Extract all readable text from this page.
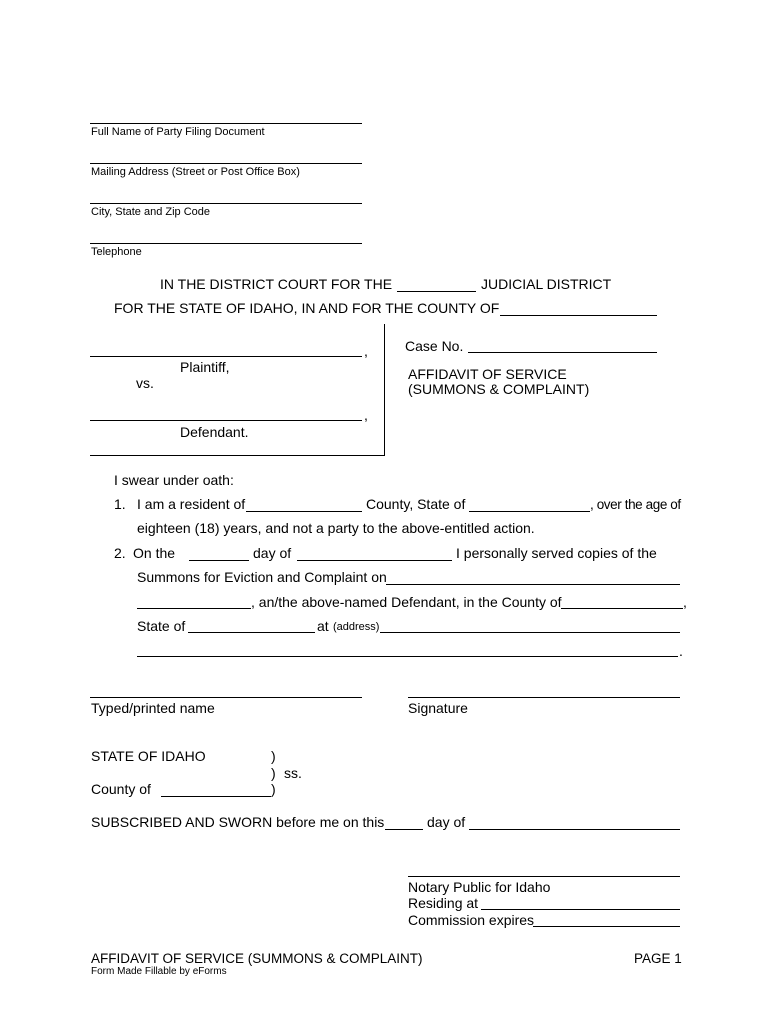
Full Name of Party Filing Document
Mailing Address (Street or Post Office Box)
City, State and Zip Code
Telephone
IN THE DISTRICT COURT FOR THE	JUDICIAL DISTRICT
FOR THE STATE OF IDAHO, IN AND FOR THE COUNTY OF
,
Plaintiff,
vs.
,
Defendant.
Case No.
AFFIDAVIT OF SERVICE
(SUMMONS & COMPLAINT)
I swear under oath:
1. I am a resident of	County, State of	, over the age of
eighteen (18) years, and not a party to the above-entitled action.
2. On the	day of	I personally served copies of the
Summons for Eviction and Complaint on
, an/the above-named Defendant, in the County of	,
State of	at (address)
.
Typed/printed name	Signature
STATE OF IDAHO	)
) ss.
County of	)
SUBSCRIBED AND SWORN before me on this	day of
Notary Public for Idaho
Residing at
Commission expires
AFFIDAVIT OF SERVICE (SUMMONS & COMPLAINT)	PAGE 1
Form Made Fillable by eForms
